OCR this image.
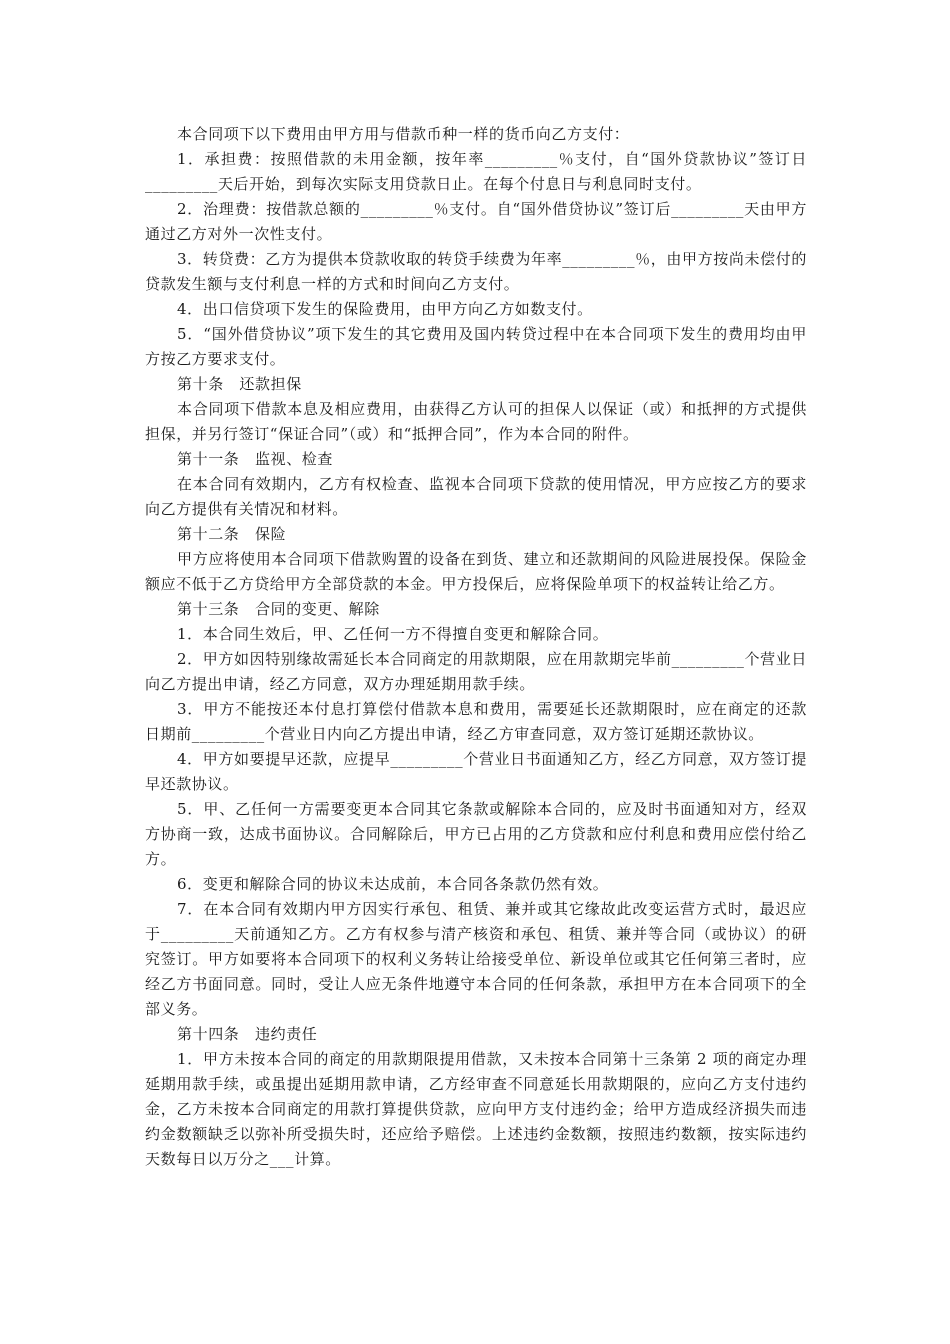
本合同项下以下费用由甲方用与借款币种一样的货币向乙方支付：

1．承担费：按照借款的未用金额，按年率_________％支付，自“国外贷款协议”签订日_________天后开始，到每次实际支用贷款日止。在每个付息日与利息同时支付。

2．治理费：按借款总额的_________％支付。自“国外借贷协议”签订后_________天由甲方通过乙方对外一次性支付。

3．转贷费：乙方为提供本贷款收取的转贷手续费为年率_________％，由甲方按尚未偿付的贷款发生额与支付利息一样的方式和时间向乙方支付。

4．出口信贷项下发生的保险费用，由甲方向乙方如数支付。

5．“国外借贷协议”项下发生的其它费用及国内转贷过程中在本合同项下发生的费用均由甲方按乙方要求支付。

第十条　还款担保

本合同项下借款本息及相应费用，由获得乙方认可的担保人以保证（或）和抵押的方式提供担保，并另行签订“保证合同”（或）和“抵押合同”，作为本合同的附件。

第十一条　监视、检查

在本合同有效期内，乙方有权检查、监视本合同项下贷款的使用情况，甲方应按乙方的要求向乙方提供有关情况和材料。

第十二条　保险

甲方应将使用本合同项下借款购置的设备在到货、建立和还款期间的风险进展投保。保险金额应不低于乙方贷给甲方全部贷款的本金。甲方投保后，应将保险单项下的权益转让给乙方。

第十三条　合同的变更、解除

1．本合同生效后，甲、乙任何一方不得擅自变更和解除合同。

2．甲方如因特别缘故需延长本合同商定的用款期限，应在用款期完毕前_________个营业日向乙方提出申请，经乙方同意，双方办理延期用款手续。

3．甲方不能按还本付息打算偿付借款本息和费用，需要延长还款期限时，应在商定的还款日期前_________个营业日内向乙方提出申请，经乙方审查同意，双方签订延期还款协议。

4．甲方如要提早还款，应提早_________个营业日书面通知乙方，经乙方同意，双方签订提早还款协议。

5．甲、乙任何一方需要变更本合同其它条款或解除本合同的，应及时书面通知对方，经双方协商一致，达成书面协议。合同解除后，甲方已占用的乙方贷款和应付利息和费用应偿付给乙方。

6．变更和解除合同的协议未达成前，本合同各条款仍然有效。

7．在本合同有效期内甲方因实行承包、租赁、兼并或其它缘故此改变运营方式时，最迟应于_________天前通知乙方。乙方有权参与清产核资和承包、租赁、兼并等合同（或协议）的研究签订。甲方如要将本合同项下的权利义务转让给接受单位、新设单位或其它任何第三者时，应经乙方书面同意。同时，受让人应无条件地遵守本合同的任何条款，承担甲方在本合同项下的全部义务。

第十四条　违约责任

1．甲方未按本合同的商定的用款期限提用借款，又未按本合同第十三条第 2 项的商定办理延期用款手续，或虽提出延期用款申请，乙方经审查不同意延长用款期限的，应向乙方支付违约金，乙方未按本合同商定的用款打算提供贷款，应向甲方支付违约金；给甲方造成经济损失而违约金数额缺乏以弥补所受损失时，还应给予赔偿。上述违约金数额，按照违约数额，按实际违约天数每日以万分之___计算。
